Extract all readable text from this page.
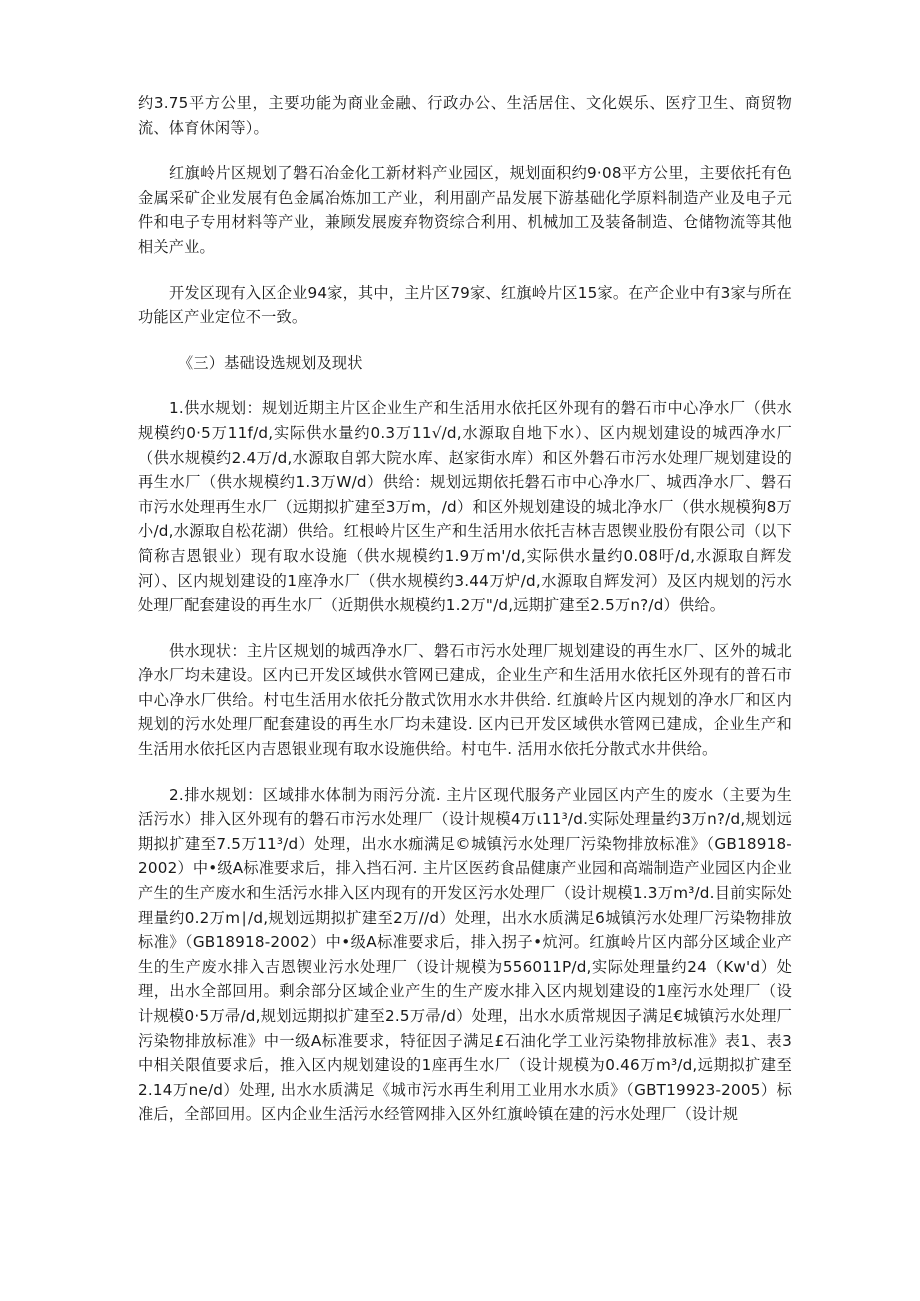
约3.75平方公里，主要功能为商业金融、行政办公、生活居住、文化娱乐、医疗卫生、商贸物流、体育休闲等）。

红旗岭片区规划了磐石冶金化工新材料产业园区，规划面积约9·08平方公里，主要依托有色金属采矿企业发展有色金属冶炼加工产业，利用副产品发展下游基础化学原料制造产业及电子元件和电子专用材料等产业，兼顾发展废弃物资综合利用、机械加工及装备制造、仓储物流等其他相关产业。

开发区现有入区企业94家，其中，主片区79家、红旗岭片区15家。在产企业中有3家与所在功能区产业定位不一致。

《三）基础设选规划及现状

1.供水规划：规划近期主片区企业生产和生活用水依托区外现有的磐石市中心净水厂（供水规模约0·5万11f/d,实际供水量约0.3万11√/d,水源取自地下水）、区内规划建设的城西净水厂（供水规模约2.4万/d,水源取自郭大院水库、赵家街水库）和区外磐石市污水处理厂规划建设的再生水厂（供水规模约1.3万W/d）供给：规划远期依托磐石市中心净水厂、城西净水厂、磐石市污水处理再生水厂（远期拟扩建至3万m，/d）和区外规划建设的城北净水厂（供水规模狗8万小/d,水源取自松花湖）供给。红根岭片区生产和生活用水依托吉林吉恩锲业股份有限公司（以下简称吉恩银业）现有取水设施（供水规模约1.9万m'/d,实际供水量约0.08吁/d,水源取自辉发河）、区内规划建设的1座净水厂（供水规模约3.44万炉/d,水源取自辉发河）及区内规划的污水处理厂配套建设的再生水厂（近期供水规模约1.2万"/d,远期扩建至2.5万n?/d）供给。

供水现状：主片区规划的城西净水厂、磐石市污水处理厂规划建设的再生水厂、区外的城北净水厂均未建设。区内已开发区域供水管网已建成，企业生产和生活用水依托区外现有的普石市中心净水厂供给。村屯生活用水依托分散式饮用水水井供给. 红旗岭片区内规划的净水厂和区内规划的污水处理厂配套建设的再生水厂均未建设. 区内已开发区域供水管网已建成，企业生产和生活用水依托区内吉恩银业现有取水设施供给。村屯牛. 活用水依托分散式水井供给。

2.排水规划：区域排水体制为雨污分流. 主片区现代服务产业园区内产生的废水（主要为生活污水）排入区外现有的磐石市污水处理厂（设计规模4万ι11³/d.实际处理量约3万n?/d,规划远期拟扩建至7.5万11³/d）处理，出水水痂满足©城镇污水处理厂污染物排放标准》（GB18918-2002）中•级A标准要求后，排入挡石河. 主片区医药食品健康产业园和高端制造产业园区内企业产生的生产废水和生活污水排入区内现有的开发区污水处理厂（设计规模1.3万m³/d.目前实际处理量约0.2万m∣/d,规划远期拟扩建至2万//d）处理，出水水质满足6城镇污水处理厂污染物排放标准》（GB18918-2002）中•级A标准要求后，排入拐子•炕河。红旗岭片区内部分区域企业产生的生产废水排入吉恩锲业污水处理厂（设计规模为556011P/d,实际处理量约24（Kw'd）处理，出水全部回用。剩余部分区域企业产生的生产废水排入区内规划建设的1座污水处理厂（设计规模0·5万帚/d,规划远期拟扩建至2.5万帚/d）处理，出水水质常规因子满足€城镇污水处理厂污染物排放标准》中一级A标准要求，特征因子满足£石油化学工业污染物排放标准》表1、表3中相关限值要求后，推入区内规划建设的1座再生水厂（设计规模为0.46万m³/d,远期拟扩建至2.14万ne/d）处理, 出水水质满足《城市污水再生利用工业用水水质》（GBT19923-2005）标准后，全部回用。区内企业生活污水经管网排入区外红旗岭镇在建的污水处理厂（设计规
